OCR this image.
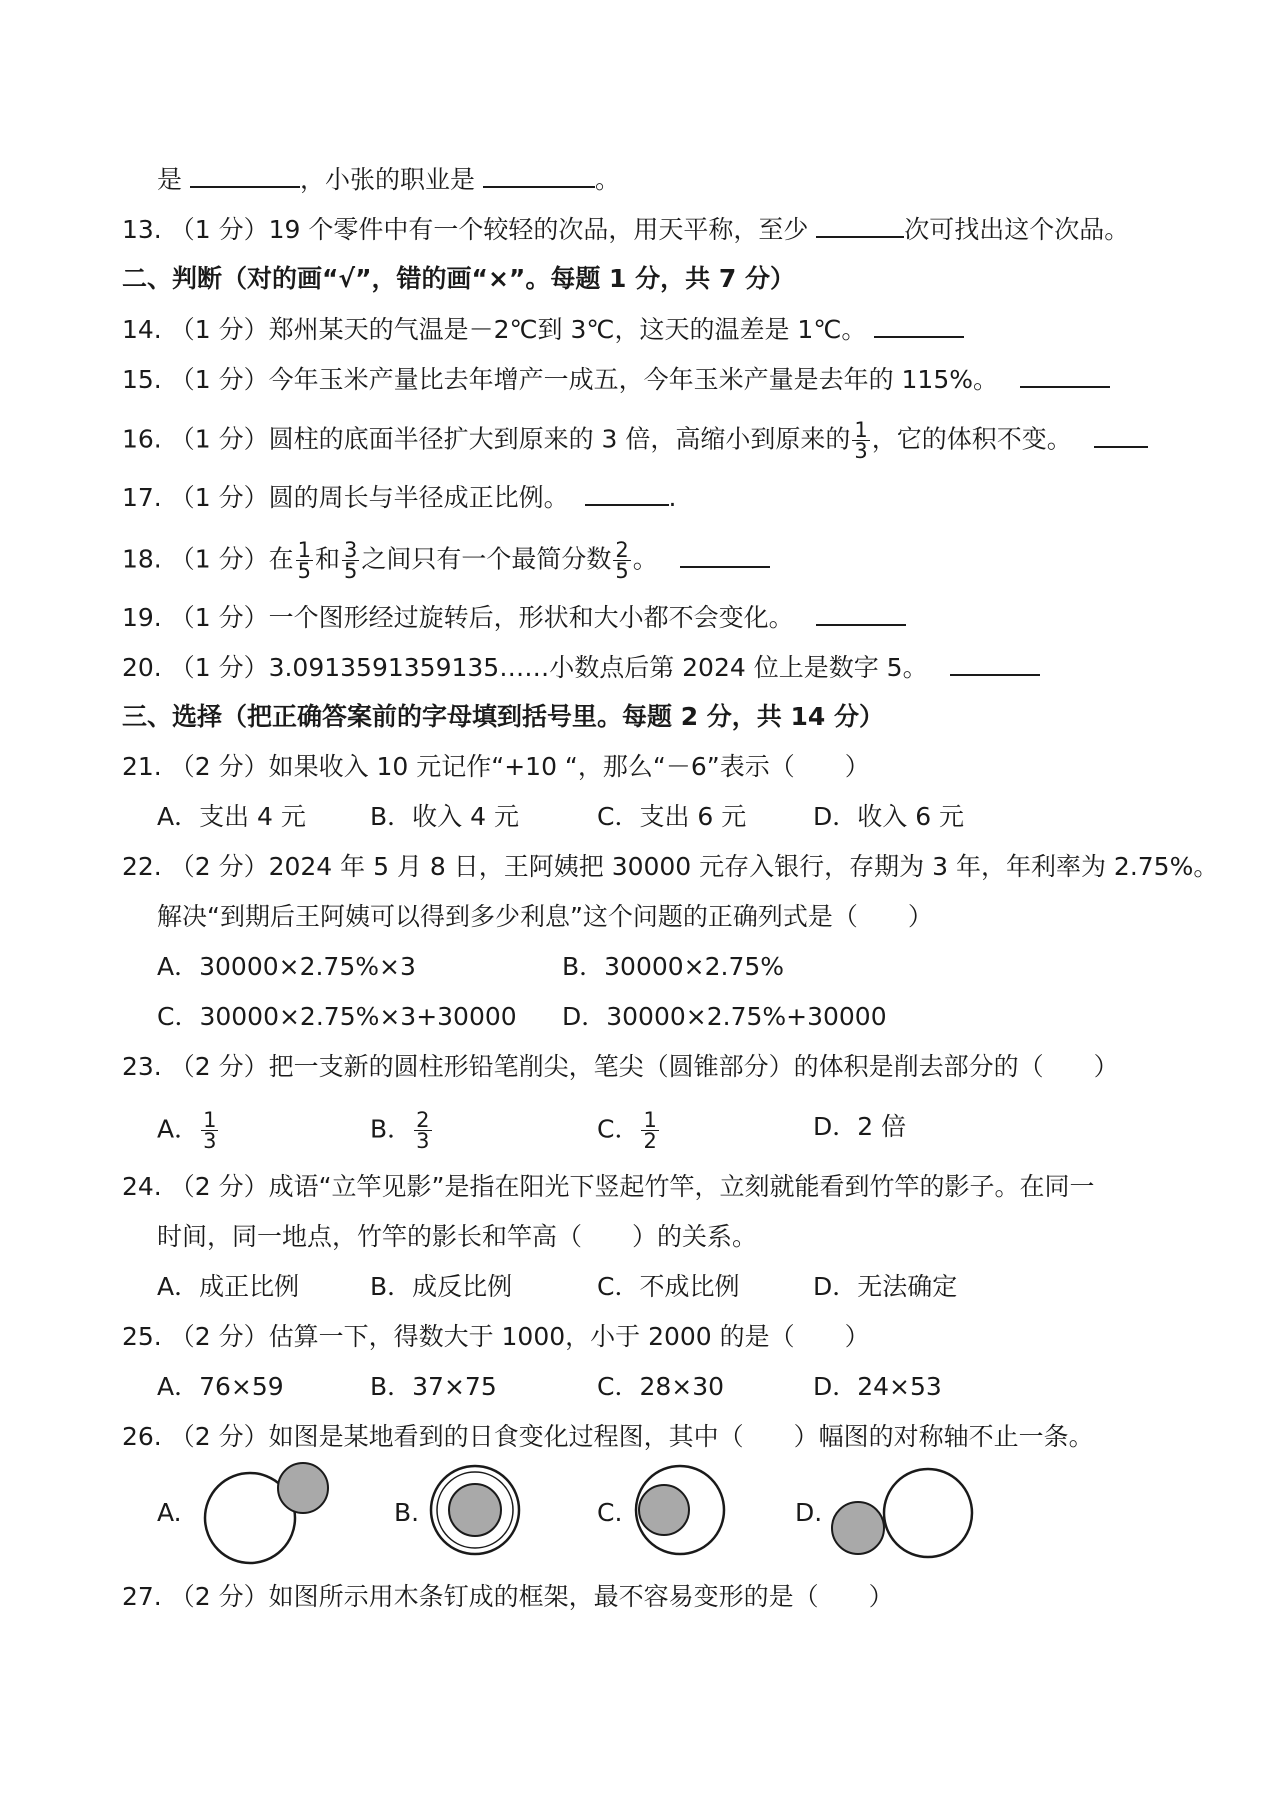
是	，小张的职业是	。
13. （1 分）19 个零件中有一个较轻的次品，用天平称，至少	次可找出这个次品。
二、判断（对的画“√”，错的画“×”。每题 1 分，共 7 分）
14. （1 分）郑州某天的气温是－2℃到 3℃，这天的温差是 1℃。
15. （1 分）今年玉米产量比去年增产一成五，今年玉米产量是去年的 115%。
16. （1 分）圆柱的底面半径扩大到原来的 3 倍，高缩小到原来的 $\frac{1}{3}$ ，它的体积不变。
17. （1 分）圆的周长与半径成正比例。	.
18. （1 分）在 $\frac{1}{5}$ 和 $\frac{3}{5}$ 之间只有一个最简分数 $\frac{2}{5}$ 。
19. （1 分）一个图形经过旋转后，形状和大小都不会变化。
20. （1 分）3.0913591359135……小数点后第 2024 位上是数字 5。
三、选择（把正确答案前的字母填到括号里。每题 2 分，共 14 分）
21. （2 分）如果收入 10 元记作“+10 “，那么“－6”表示（　　）
A．支出 4 元	B．收入 4 元	C．支出 6 元	D．收入 6 元
22. （2 分）2024 年 5 月 8 日，王阿姨把 30000 元存入银行，存期为 3 年，年利率为 2.75%。
解决“到期后王阿姨可以得到多少利息”这个问题的正确列式是（　　）
A．30000×2.75%×3	B．30000×2.75%
C．30000×2.75%×3+30000 D．30000×2.75%+30000
23. （2 分）把一支新的圆柱形铅笔削尖，笔尖（圆锥部分）的体积是削去部分的（　　）
A． $\frac{1}{3}$	B． $\frac{2}{3}$	C． $\frac{1}{2}$	D．2 倍
24. （2 分）成语“立竿见影”是指在阳光下竖起竹竿，立刻就能看到竹竿的影子。在同一
时间，同一地点，竹竿的影长和竿高（　　）的关系。
A．成正比例	B．成反比例	C．不成比例	D．无法确定
25. （2 分）估算一下，得数大于 1000，小于 2000 的是（　　）
A．76×59	B．37×75	C．28×30	D．24×53
26. （2 分）如图是某地看到的日食变化过程图，其中（　　）幅图的对称轴不止一条。
A.	B.	C.	D.
27. （2 分）如图所示用木条钉成的框架，最不容易变形的是（　　）
